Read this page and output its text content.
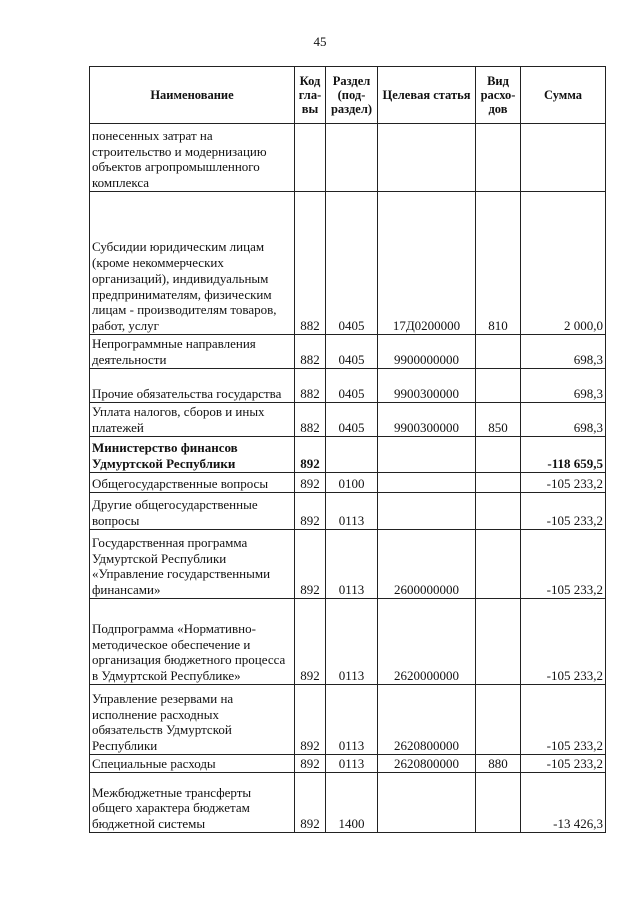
45
Наименование	Код гла-вы	Раздел (под-раздел)	Целевая статья	Вид расхо-дов	Сумма
понесенных затрат на строительство и модернизацию объектов агропромышленного комплекса					
Субсидии юридическим лицам (кроме некоммерческих организаций), индивидуальным предпринимателям, физическим лицам - производителям товаров, работ, услуг	882	0405	17Д0200000	810	2 000,0
Непрограммные направления деятельности	882	0405	9900000000		698,3
Прочие обязательства государства	882	0405	9900300000		698,3
Уплата налогов, сборов и иных платежей	882	0405	9900300000	850	698,3
Министерство финансов Удмуртской Республики	892				-118 659,5
Общегосударственные вопросы	892	0100			-105 233,2
Другие общегосударственные вопросы	892	0113			-105 233,2
Государственная программа Удмуртской Республики «Управление государственными финансами»	892	0113	2600000000		-105 233,2
Подпрограмма «Нормативно-методическое обеспечение и организация бюджетного процесса в Удмуртской Республике»	892	0113	2620000000		-105 233,2
Управление резервами на исполнение расходных обязательств Удмуртской Республики	892	0113	2620800000		-105 233,2
Специальные расходы	892	0113	2620800000	880	-105 233,2
Межбюджетные трансферты общего характера бюджетам бюджетной системы	892	1400			-13 426,3
